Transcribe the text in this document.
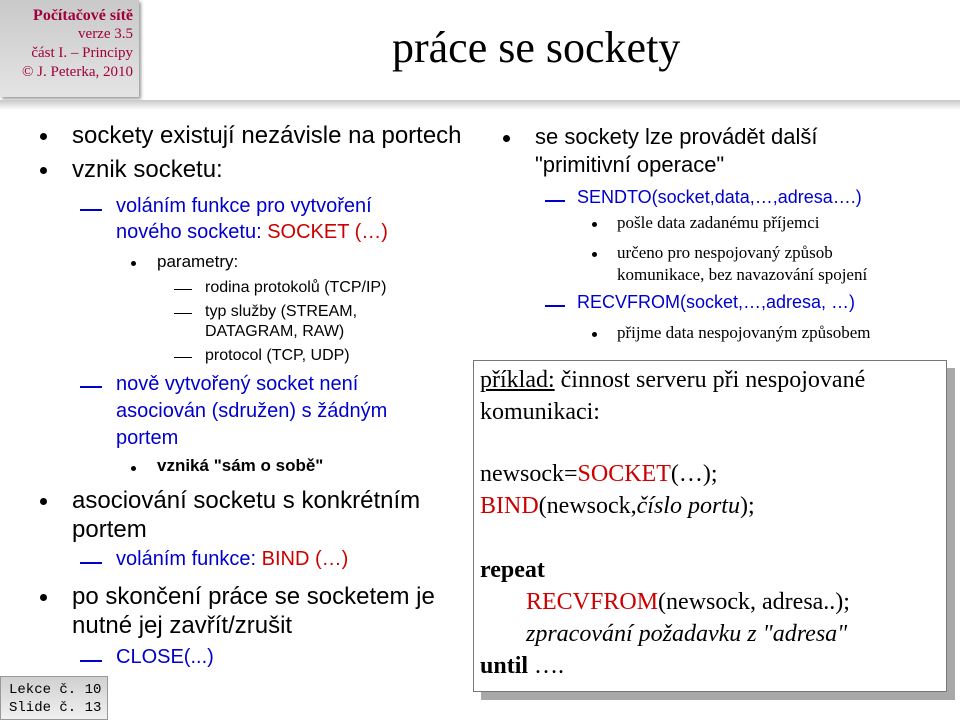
Počítačové sítě
verze 3.5
část I. – Principy
© J. Peterka, 2010	práce se sockety
sockety existují nezávisle na portech
vznik socketu:
voláním funkce pro vytvoření
nového socketu: SOCKET (…)
parametry:
rodina protokolů (TCP/IP)
typ služby (STREAM,
DATAGRAM, RAW)
protocol (TCP, UDP)
nově vytvořený socket není
asociován (sdružen) s žádným
portem
vzniká "sám o sobě"
asociování socketu s konkrétním
portem
voláním funkce: BIND (…)
po skončení práce se socketem je
nutné jej zavřít/zrušit
CLOSE(...)
se sockety lze provádět další
"primitivní operace"
SENDTO(socket,data,…,adresa….)
pošle data zadanému příjemci
určeno pro nespojovaný způsob
komunikace, bez navazování spojení
RECVFROM(socket,…,adresa, …)
přijme data nespojovaným způsobem
příklad: činnost serveru při nespojované
komunikaci:
newsock=SOCKET(…);
BIND(newsock,číslo portu);
repeat
RECVFROM(newsock, adresa..);
zpracování požadavku z "adresa"
until ….
Lekce č. 10
Slide č. 13
